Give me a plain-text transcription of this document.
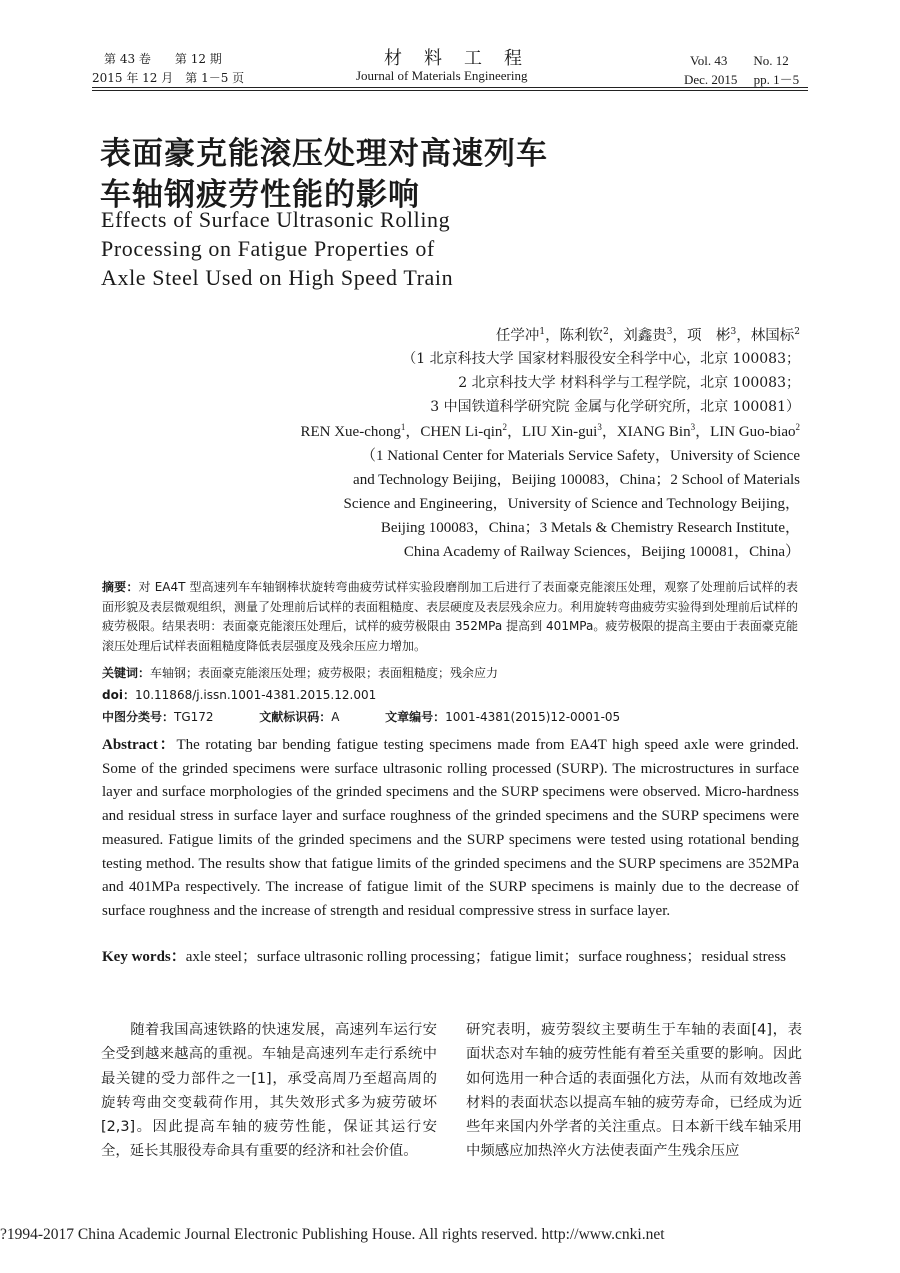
第 43 卷　　第 12 期
2015 年 12 月　第 1－5 页
材料工程
Journal of Materials Engineering
Vol. 43　　No. 12
Dec. 2015　 pp. 1－5
表面豪克能滚压处理对高速列车
车轴钢疲劳性能的影响
Effects of Surface Ultrasonic Rolling
Processing on Fatigue Properties of
Axle Steel Used on High Speed Train
任学冲$^1$，陈利钦$^2$，刘鑫贵$^3$，项　彬$^3$，林国标$^2$
（1 北京科技大学 国家材料服役安全科学中心，北京 100083；
2 北京科技大学 材料科学与工程学院，北京 100083；
3 中国铁道科学研究院 金属与化学研究所，北京 100081）
REN Xue-chong$^1$，CHEN Li-qin$^2$，LIU Xin-gui$^3$，XIANG Bin$^3$，LIN Guo-biao$^2$
（1 National Center for Materials Service Safety，University of Science
and Technology Beijing，Beijing 100083，China；2 School of Materials
Science and Engineering，University of Science and Technology Beijing，
Beijing 100083，China；3 Metals & Chemistry Research Institute，
China Academy of Railway Sciences，Beijing 100081，China）
摘要：对 EA4T 型高速列车车轴钢棒状旋转弯曲疲劳试样实验段磨削加工后进行了表面豪克能滚压处理，观察了处理前后试样的表面形貌及表层微观组织，测量了处理前后试样的表面粗糙度、表层硬度及表层残余应力。利用旋转弯曲疲劳实验得到处理前后试样的疲劳极限。结果表明：表面豪克能滚压处理后，试样的疲劳极限由 352MPa 提高到 401MPa。疲劳极限的提高主要由于表面豪克能滚压处理后试样表面粗糙度降低表层强度及残余压应力增加。
关键词：车轴钢；表面豪克能滚压处理；疲劳极限；表面粗糙度；残余应力
doi：10.11868/j.issn.1001-4381.2015.12.001
中图分类号：TG172	文献标识码：A	文章编号：1001-4381(2015)12-0001-05
Abstract：The rotating bar bending fatigue testing specimens made from EA4T high speed axle were grinded. Some of the grinded specimens were surface ultrasonic rolling processed (SURP). The microstructures in surface layer and surface morphologies of the grinded specimens and the SURP specimens were observed. Micro-hardness and residual stress in surface layer and surface roughness of the grinded specimens and the SURP specimens were measured. Fatigue limits of the grinded specimens and the SURP specimens were tested using rotational bending testing method. The results show that fatigue limits of the grinded specimens and the SURP specimens are 352MPa and 401MPa respectively. The increase of fatigue limit of the SURP specimens is mainly due to the decrease of surface roughness and the increase of strength and residual compressive stress in surface layer.
Key words：axle steel；surface ultrasonic rolling processing；fatigue limit；surface roughness；residual stress
　　随着我国高速铁路的快速发展，高速列车运行安全受到越来越高的重视。车轴是高速列车走行系统中最关键的受力部件之一[1]，承受高周乃至超高周的旋转弯曲交变载荷作用，其失效形式多为疲劳破坏[2,3]。因此提高车轴的疲劳性能，保证其运行安全，延长其服役寿命具有重要的经济和社会价值。
研究表明，疲劳裂纹主要萌生于车轴的表面[4]，表面状态对车轴的疲劳性能有着至关重要的影响。因此如何选用一种合适的表面强化方法，从而有效地改善材料的表面状态以提高车轴的疲劳寿命，已经成为近些年来国内外学者的关注重点。日本新干线车轴采用中频感应加热淬火方法使表面产生残余压应
?1994-2017 China Academic Journal Electronic Publishing House. All rights reserved. http://www.cnki.net
